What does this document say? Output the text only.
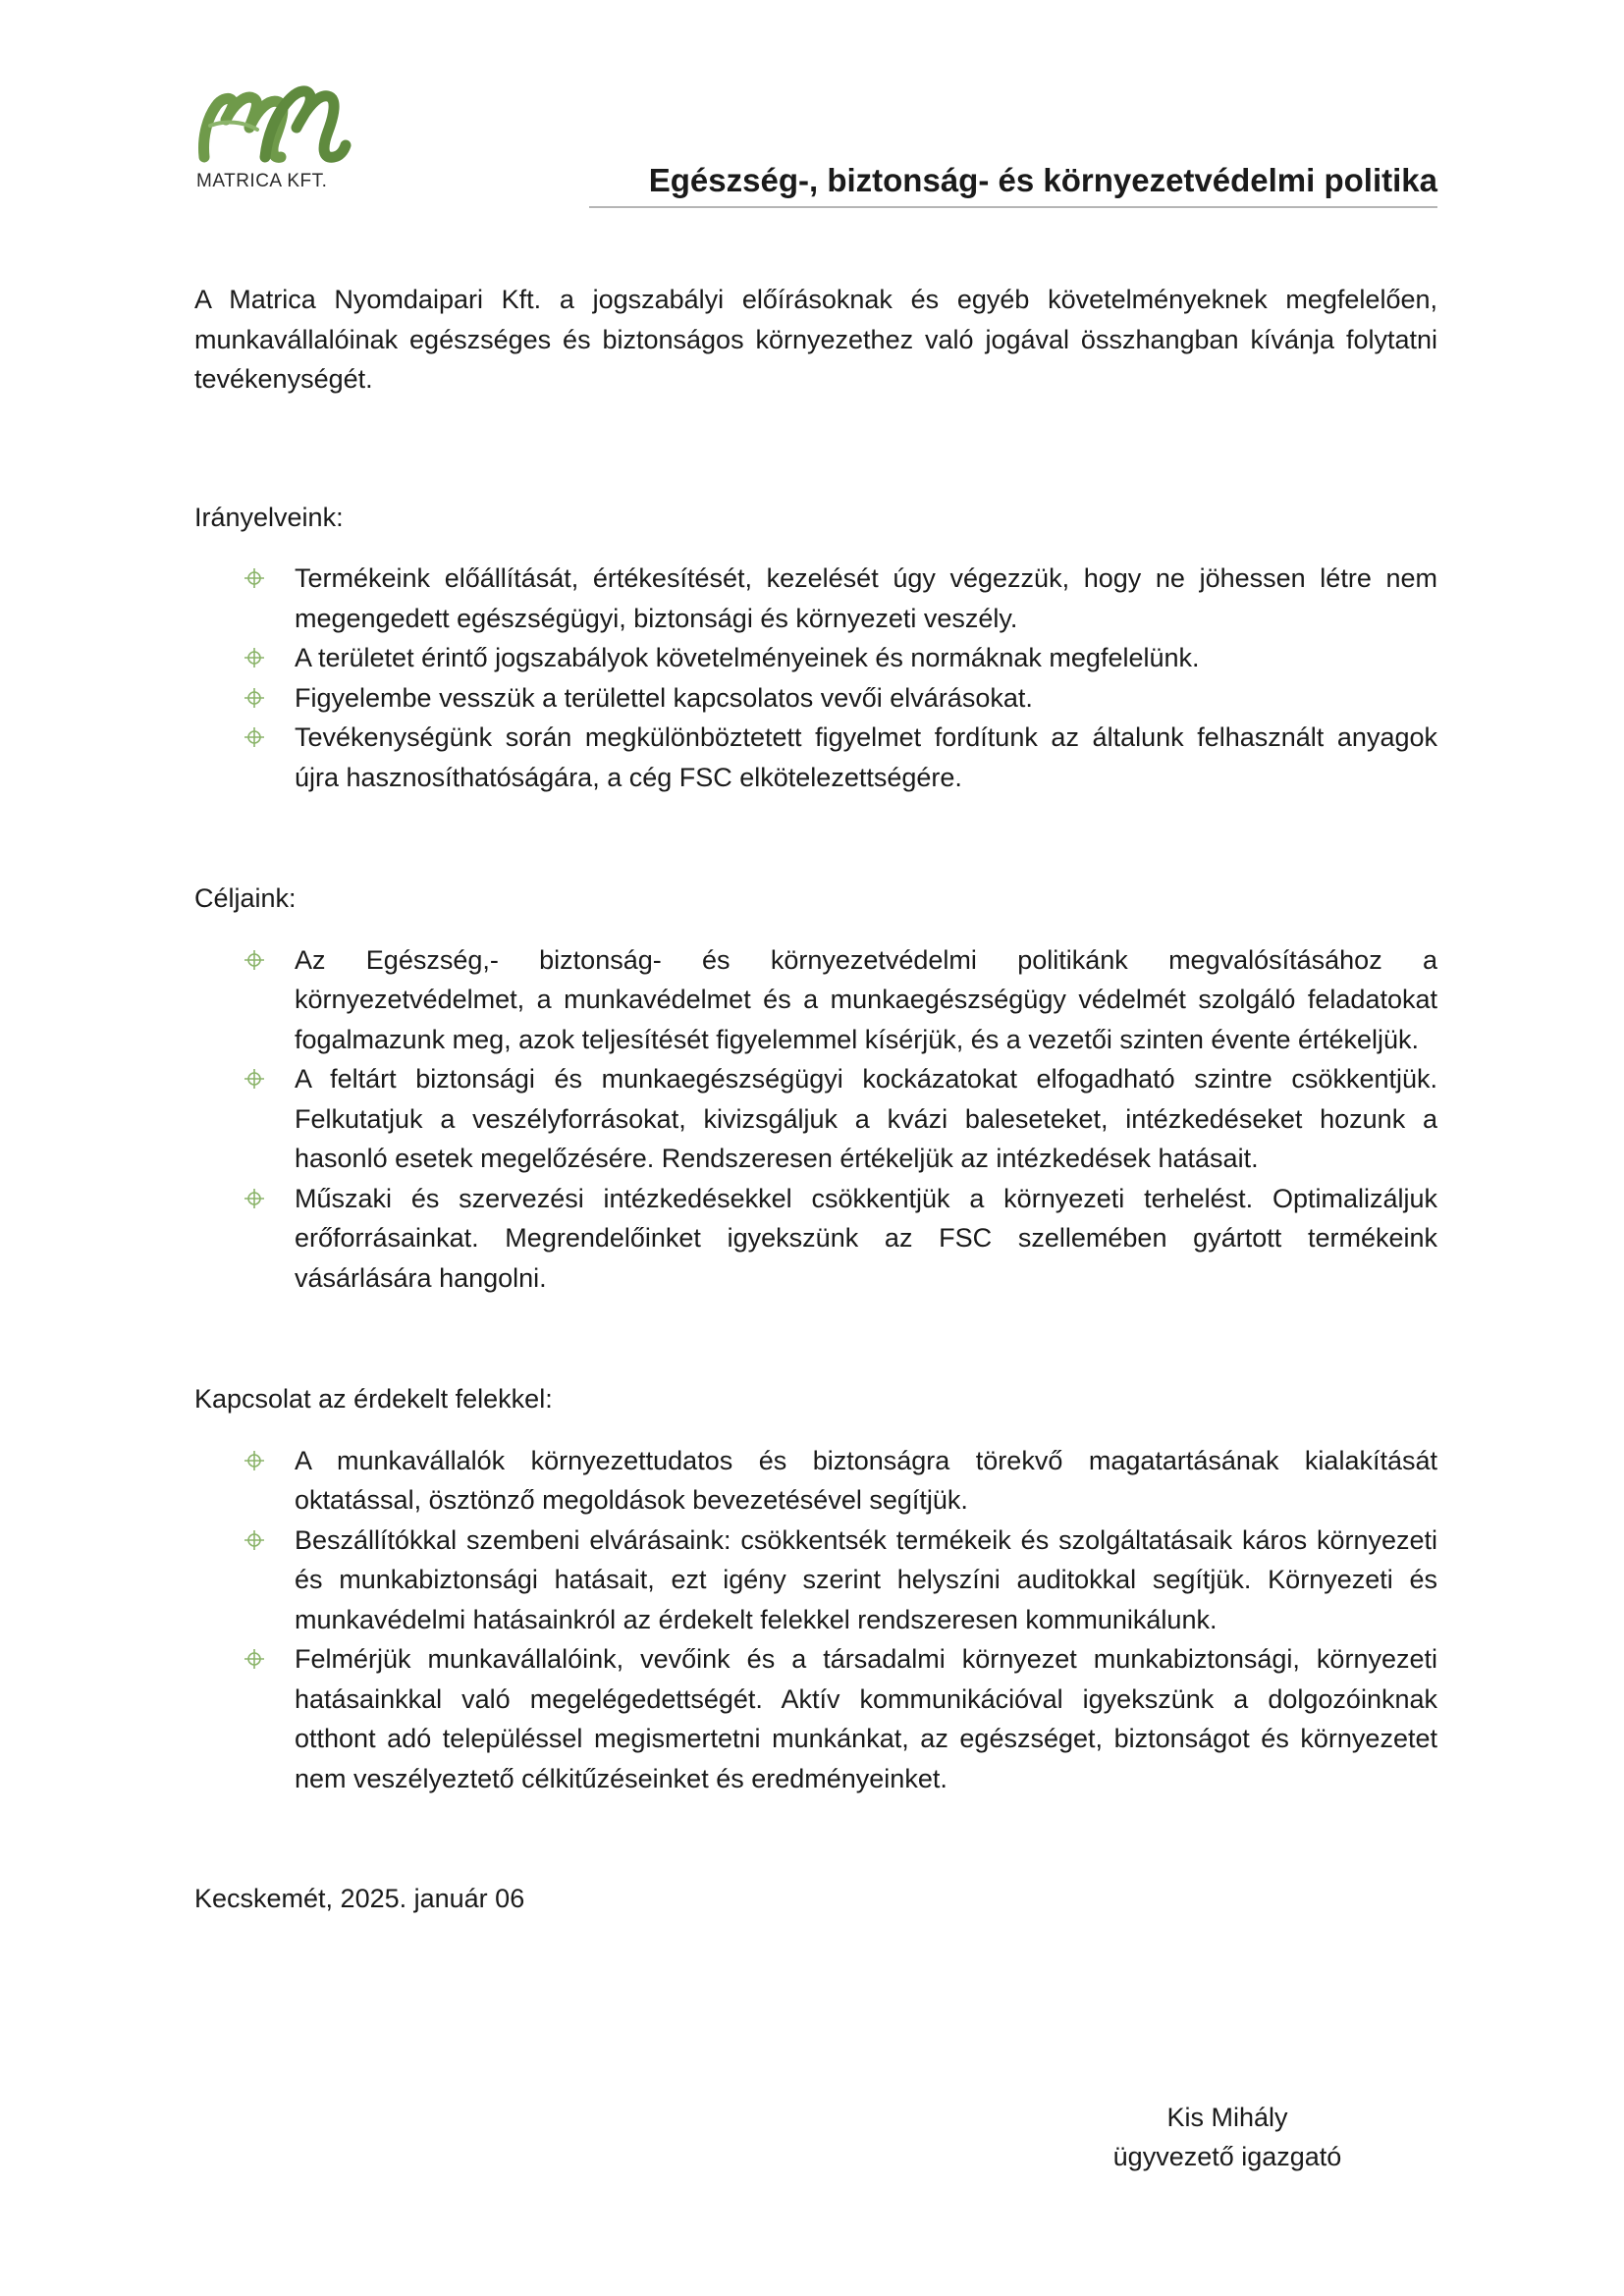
MATRICA KFT.	Egészség-, biztonság- és környezetvédelmi politika

A Matrica Nyomdaipari Kft. a jogszabályi előírásoknak és egyéb követelményeknek megfelelően, munkavállalóinak egészséges és biztonságos környezethez való jogával összhangban kívánja folytatni tevékenységét.

Irányelveink:

Termékeink előállítását, értékesítését, kezelését úgy végezzük, hogy ne jöhessen létre nem megengedett egészségügyi, biztonsági és környezeti veszély.
A területet érintő jogszabályok követelményeinek és normáknak megfelelünk.
Figyelembe vesszük a területtel kapcsolatos vevői elvárásokat.
Tevékenységünk során megkülönböztetett figyelmet fordítunk az általunk felhasznált anyagok újra hasznosíthatóságára, a cég FSC elkötelezettségére.

Céljaink:

Az Egészség,- biztonság- és környezetvédelmi politikánk megvalósításához a környezetvédelmet, a munkavédelmet és a munkaegészségügy védelmét szolgáló feladatokat fogalmazunk meg, azok teljesítését figyelemmel kísérjük, és a vezetői szinten évente értékeljük.
A feltárt biztonsági és munkaegészségügyi kockázatokat elfogadható szintre csökkentjük. Felkutatjuk a veszélyforrásokat, kivizsgáljuk a kvázi baleseteket, intézkedéseket hozunk a hasonló esetek megelőzésére. Rendszeresen értékeljük az intézkedések hatásait.
Műszaki és szervezési intézkedésekkel csökkentjük a környezeti terhelést. Optimalizáljuk erőforrásainkat. Megrendelőinket igyekszünk az FSC szellemében gyártott termékeink vásárlására hangolni.

Kapcsolat az érdekelt felekkel:

A munkavállalók környezettudatos és biztonságra törekvő magatartásának kialakítását oktatással, ösztönző megoldások bevezetésével segítjük.
Beszállítókkal szembeni elvárásaink: csökkentsék termékeik és szolgáltatásaik káros környezeti és munkabiztonsági hatásait, ezt igény szerint helyszíni auditokkal segítjük. Környezeti és munkavédelmi hatásainkról az érdekelt felekkel rendszeresen kommunikálunk.
Felmérjük munkavállalóink, vevőink és a társadalmi környezet munkabiztonsági, környezeti hatásainkkal való megelégedettségét. Aktív kommunikációval igyekszünk a dolgozóinknak otthont adó településsel megismertetni munkánkat, az egészséget, biztonságot és környezetet nem veszélyeztető célkitűzéseinket és eredményeinket.

Kecskemét, 2025. január 06

Kis Mihály
ügyvezető igazgató
